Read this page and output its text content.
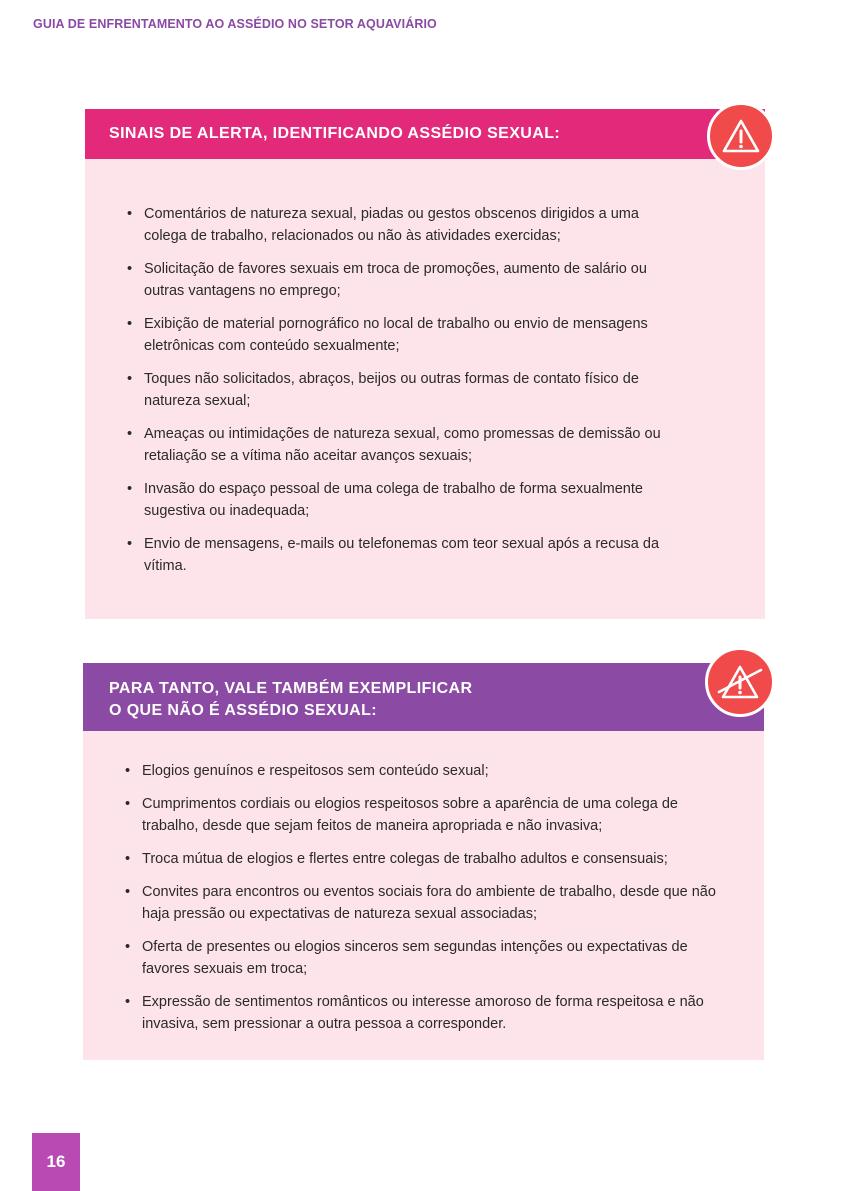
GUIA DE ENFRENTAMENTO AO ASSÉDIO NO SETOR AQUAVIÁRIO
SINAIS DE ALERTA, IDENTIFICANDO ASSÉDIO SEXUAL:
• Comentários de natureza sexual, piadas ou gestos obscenos dirigidos a uma colega de trabalho, relacionados ou não às atividades exercidas;
• Solicitação de favores sexuais em troca de promoções, aumento de salário ou outras vantagens no emprego;
• Exibição de material pornográfico no local de trabalho ou envio de mensagens eletrônicas com conteúdo sexualmente;
• Toques não solicitados, abraços, beijos ou outras formas de contato físico de natureza sexual;
• Ameaças ou intimidações de natureza sexual, como promessas de demissão ou retaliação se a vítima não aceitar avanços sexuais;
• Invasão do espaço pessoal de uma colega de trabalho de forma sexualmente sugestiva ou inadequada;
• Envio de mensagens, e-mails ou telefonemas com teor sexual após a recusa da vítima.
PARA TANTO, VALE TAMBÉM EXEMPLIFICAR
O QUE NÃO É ASSÉDIO SEXUAL:
• Elogios genuínos e respeitosos sem conteúdo sexual;
• Cumprimentos cordiais ou elogios respeitosos sobre a aparência de uma colega de trabalho, desde que sejam feitos de maneira apropriada e não invasiva;
• Troca mútua de elogios e flertes entre colegas de trabalho adultos e consensuais;
• Convites para encontros ou eventos sociais fora do ambiente de trabalho, desde que não haja pressão ou expectativas de natureza sexual associadas;
• Oferta de presentes ou elogios sinceros sem segundas intenções ou expectativas de favores sexuais em troca;
• Expressão de sentimentos românticos ou interesse amoroso de forma respeitosa e não invasiva, sem pressionar a outra pessoa a corresponder.
16
